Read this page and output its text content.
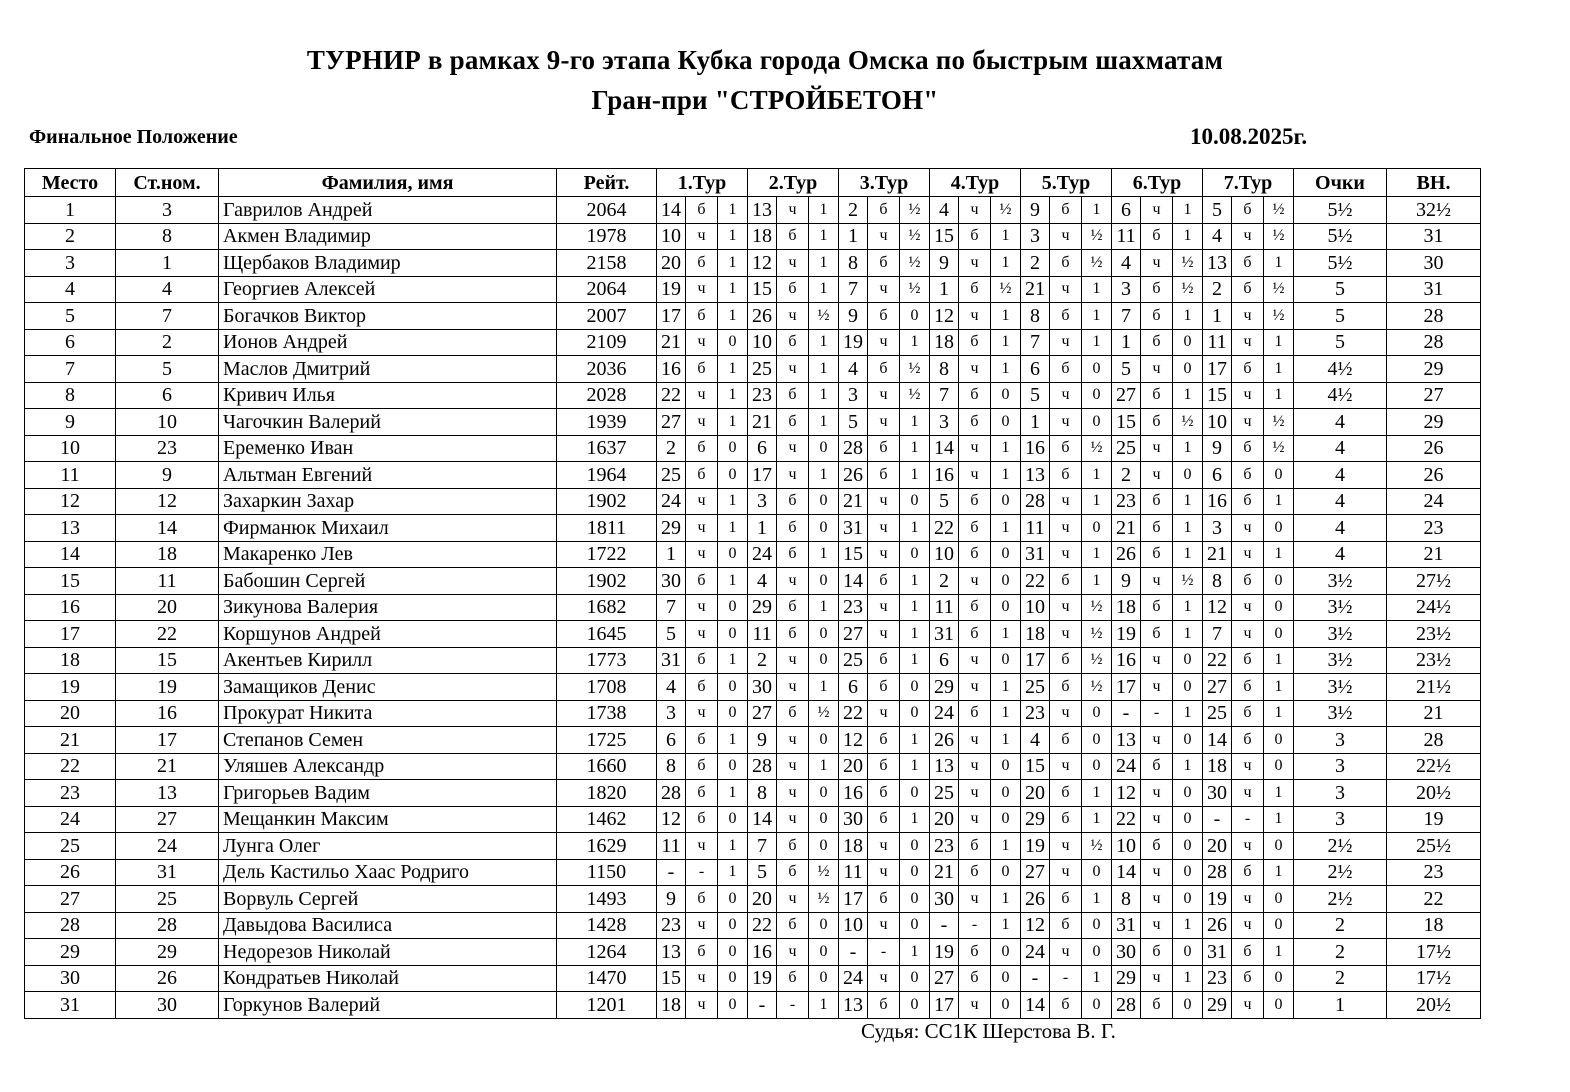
ТУРНИР в рамках 9-го этапа Кубка города Омска по быстрым шахматам
Гран-при "СТРОЙБЕТОН"
Финальное Положение	10.08.2025г.
Место	Ст.ном.	Фамилия, имя	Рейт.	1.Тур			2.Тур			3.Тур			4.Тур			5.Тур			6.Тур			7.Тур			Очки	ВН.
1	3	Гаврилов Андрей	2064	14	б	1	13	ч	1	2	б	½	4	ч	½	9	б	1	6	ч	1	5	б	½	5½	32½
2	8	Акмен Владимир	1978	10	ч	1	18	б	1	1	ч	½	15	б	1	3	ч	½	11	б	1	4	ч	½	5½	31
3	1	Щербаков Владимир	2158	20	б	1	12	ч	1	8	б	½	9	ч	1	2	б	½	4	ч	½	13	б	1	5½	30
4	4	Георгиев Алексей	2064	19	ч	1	15	б	1	7	ч	½	1	б	½	21	ч	1	3	б	½	2	б	½	5	31
5	7	Богачков Виктор	2007	17	б	1	26	ч	½	9	б	0	12	ч	1	8	б	1	7	б	1	1	ч	½	5	28
6	2	Ионов Андрей	2109	21	ч	0	10	б	1	19	ч	1	18	б	1	7	ч	1	1	б	0	11	ч	1	5	28
7	5	Маслов Дмитрий	2036	16	б	1	25	ч	1	4	б	½	8	ч	1	6	б	0	5	ч	0	17	б	1	4½	29
8	6	Кривич Илья	2028	22	ч	1	23	б	1	3	ч	½	7	б	0	5	ч	0	27	б	1	15	ч	1	4½	27
9	10	Чагочкин Валерий	1939	27	ч	1	21	б	1	5	ч	1	3	б	0	1	ч	0	15	б	½	10	ч	½	4	29
10	23	Еременко Иван	1637	2	б	0	6	ч	0	28	б	1	14	ч	1	16	б	½	25	ч	1	9	б	½	4	26
11	9	Альтман Евгений	1964	25	б	0	17	ч	1	26	б	1	16	ч	1	13	б	1	2	ч	0	6	б	0	4	26
12	12	Захаркин Захар	1902	24	ч	1	3	б	0	21	ч	0	5	б	0	28	ч	1	23	б	1	16	б	1	4	24
13	14	Фирманюк Михаил	1811	29	ч	1	1	б	0	31	ч	1	22	б	1	11	ч	0	21	б	1	3	ч	0	4	23
14	18	Макаренко Лев	1722	1	ч	0	24	б	1	15	ч	0	10	б	0	31	ч	1	26	б	1	21	ч	1	4	21
15	11	Бабошин Сергей	1902	30	б	1	4	ч	0	14	б	1	2	ч	0	22	б	1	9	ч	½	8	б	0	3½	27½
16	20	Зикунова Валерия	1682	7	ч	0	29	б	1	23	ч	1	11	б	0	10	ч	½	18	б	1	12	ч	0	3½	24½
17	22	Коршунов Андрей	1645	5	ч	0	11	б	0	27	ч	1	31	б	1	18	ч	½	19	б	1	7	ч	0	3½	23½
18	15	Акентьев Кирилл	1773	31	б	1	2	ч	0	25	б	1	6	ч	0	17	б	½	16	ч	0	22	б	1	3½	23½
19	19	Замащиков Денис	1708	4	б	0	30	ч	1	6	б	0	29	ч	1	25	б	½	17	ч	0	27	б	1	3½	21½
20	16	Прокурат Никита	1738	3	ч	0	27	б	½	22	ч	0	24	б	1	23	ч	0	-	-	1	25	б	1	3½	21
21	17	Степанов Семен	1725	6	б	1	9	ч	0	12	б	1	26	ч	1	4	б	0	13	ч	0	14	б	0	3	28
22	21	Уляшев Александр	1660	8	б	0	28	ч	1	20	б	1	13	ч	0	15	ч	0	24	б	1	18	ч	0	3	22½
23	13	Григорьев Вадим	1820	28	б	1	8	ч	0	16	б	0	25	ч	0	20	б	1	12	ч	0	30	ч	1	3	20½
24	27	Мещанкин Максим	1462	12	б	0	14	ч	0	30	б	1	20	ч	0	29	б	1	22	ч	0	-	-	1	3	19
25	24	Лунга Олег	1629	11	ч	1	7	б	0	18	ч	0	23	б	1	19	ч	½	10	б	0	20	ч	0	2½	25½
26	31	Дель Кастильо Хаас Родриго	1150	-	-	1	5	б	½	11	ч	0	21	б	0	27	ч	0	14	ч	0	28	б	1	2½	23
27	25	Ворвуль Сергей	1493	9	б	0	20	ч	½	17	б	0	30	ч	1	26	б	1	8	ч	0	19	ч	0	2½	22
28	28	Давыдова Василиса	1428	23	ч	0	22	б	0	10	ч	0	-	-	1	12	б	0	31	ч	1	26	ч	0	2	18
29	29	Недорезов Николай	1264	13	б	0	16	ч	0	-	-	1	19	б	0	24	ч	0	30	б	0	31	б	1	2	17½
30	26	Кондратьев Николай	1470	15	ч	0	19	б	0	24	ч	0	27	б	0	-	-	1	29	ч	1	23	б	0	2	17½
31	30	Горкунов Валерий	1201	18	ч	0	-	-	1	13	б	0	17	ч	0	14	б	0	28	б	0	29	ч	0	1	20½
Судья: СС1К Шерстова В. Г.
